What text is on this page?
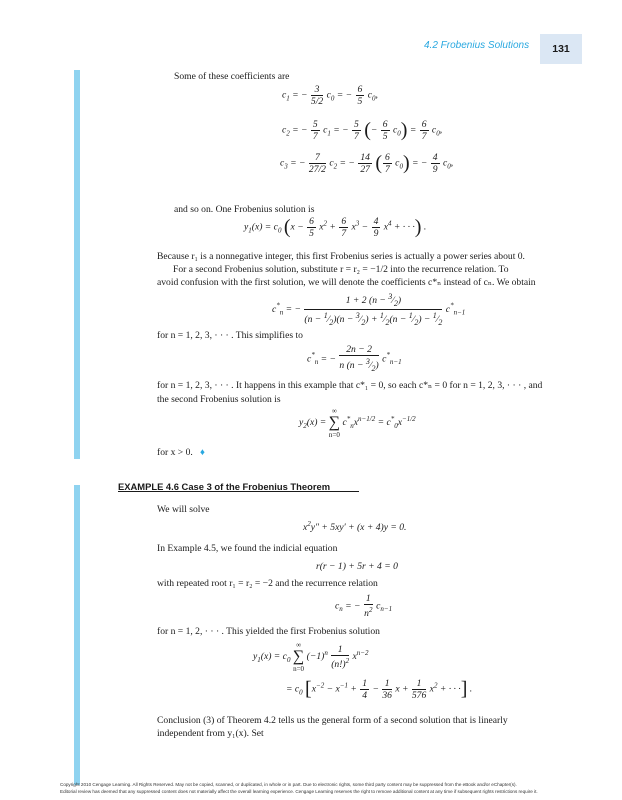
4.2 Frobenius Solutions	131
Some of these coefficients are
$c_1$ = − $\frac{3}{5/2} c_0$ = − $\frac{6}{5} c_0$,
$c_2$ = − $\frac{5}{7} c_1$ = − $\frac{5}{7}$ (− $\frac{6}{5} c_0) = \frac{6}{7} c_0$,
$c_3$ = − $\frac{7}{27/2} c_2$ = − $\frac{14}{27}$ ( $\frac{6}{7} c_0$) = − $\frac{4}{9} c_0$,
and so on. One Frobenius solution is
$y_1(x) = c_0$ ($x - \frac{6}{5} x^2 + \frac{6}{7} x^3 - \frac{4}{9} x^4$ + · · ·) .
Because r₁ is a nonnegative integer, this first Frobenius series is actually a power series about 0.
For a second Frobenius solution, substitute r = r₂ = −1/2 into the recurrence relation. To
avoid confusion with the first solution, we will denote the coefficients c*ₙ instead of cₙ. We obtain
$c^*_n$ = − $\frac{1 + 2 (n - ^3⁄_2)}{(n - ^1⁄_2)(n - ^3⁄_2) + ^1⁄_2(n - ^1⁄_2) - ^1⁄_2} c^*_{n-1}$
for n = 1, 2, 3, · · · . This simplifies to
$c^*_n$ = − $\frac{2n - 2}{n (n - ^3⁄_2)} c^*_{n-1}$
for n = 1, 2, 3, · · · . It happens in this example that c*₁ = 0, so each c*ₙ = 0 for n = 1, 2, 3, · · · , and
the second Frobenius solution is
$y_2(x)$ = ∞
∑
n=0 $c^*_nx^{n-1/2} = c^*_0x^{-1/2}$
for x > 0. ♦
EXAMPLE 4.6 Case 3 of the Frobenius Theorem
We will solve
$x^2y'' + 5xy' + (x + 4)y = 0$.
In Example 4.5, we found the indicial equation
r(r − 1) + 5r + 4 = 0
with repeated root r₁ = r₂ = −2 and the recurrence relation
$c_n$ = − $\frac{1}{n^2} c_{n-1}$
for n = 1, 2, · · · . This yielded the first Frobenius solution
$y_1(x) = c_0$ ∞
∑
n=0 $(-1)^n \frac{1}{(n!)^2} x^{n-2}$
= $c_0$ [$x^{-2} - x^{-1} + \frac{1}{4} - \frac{1}{36}$ $x + \frac{1}{576} x^2$ + · · ·] .
Conclusion (3) of Theorem 4.2 tells us the general form of a second solution that is linearly
independent from y₁(x). Set
Copyright 2010 Cengage Learning. All Rights Reserved. May not be copied, scanned, or duplicated, in whole or in part. Due to electronic rights, some third party content may be suppressed from the eBook and/or eChapter(s).
Editorial review has deemed that any suppressed content does not materially affect the overall learning experience. Cengage Learning reserves the right to remove additional content at any time if subsequent rights restrictions require it.
